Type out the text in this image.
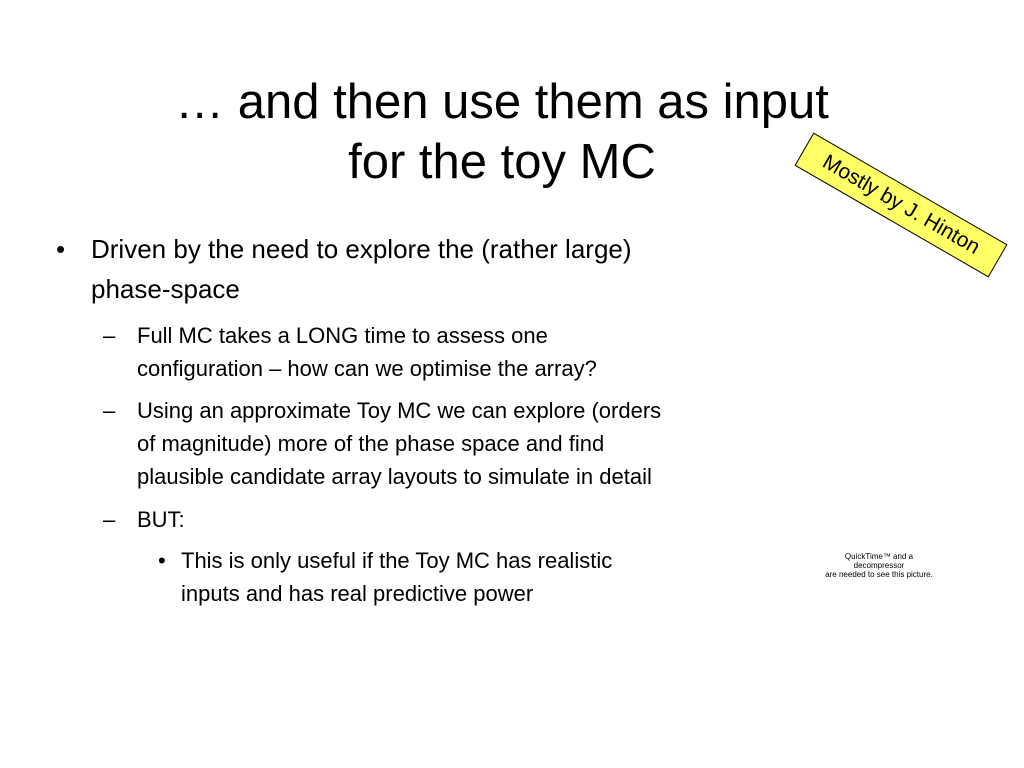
… and then use them as input
for the toy MC	Mostly by J. Hinton
• Driven by the need to explore the (rather large)
phase-space
– Full MC takes a LONG time to assess one
configuration – how can we optimise the array?
– Using an approximate Toy MC we can explore (orders
of magnitude) more of the phase space and find
plausible candidate array layouts to simulate in detail
– BUT:
• This is only useful if the Toy MC has realistic
inputs and has real predictive power
QuickTime™ and a
decompressor
are needed to see this picture.
